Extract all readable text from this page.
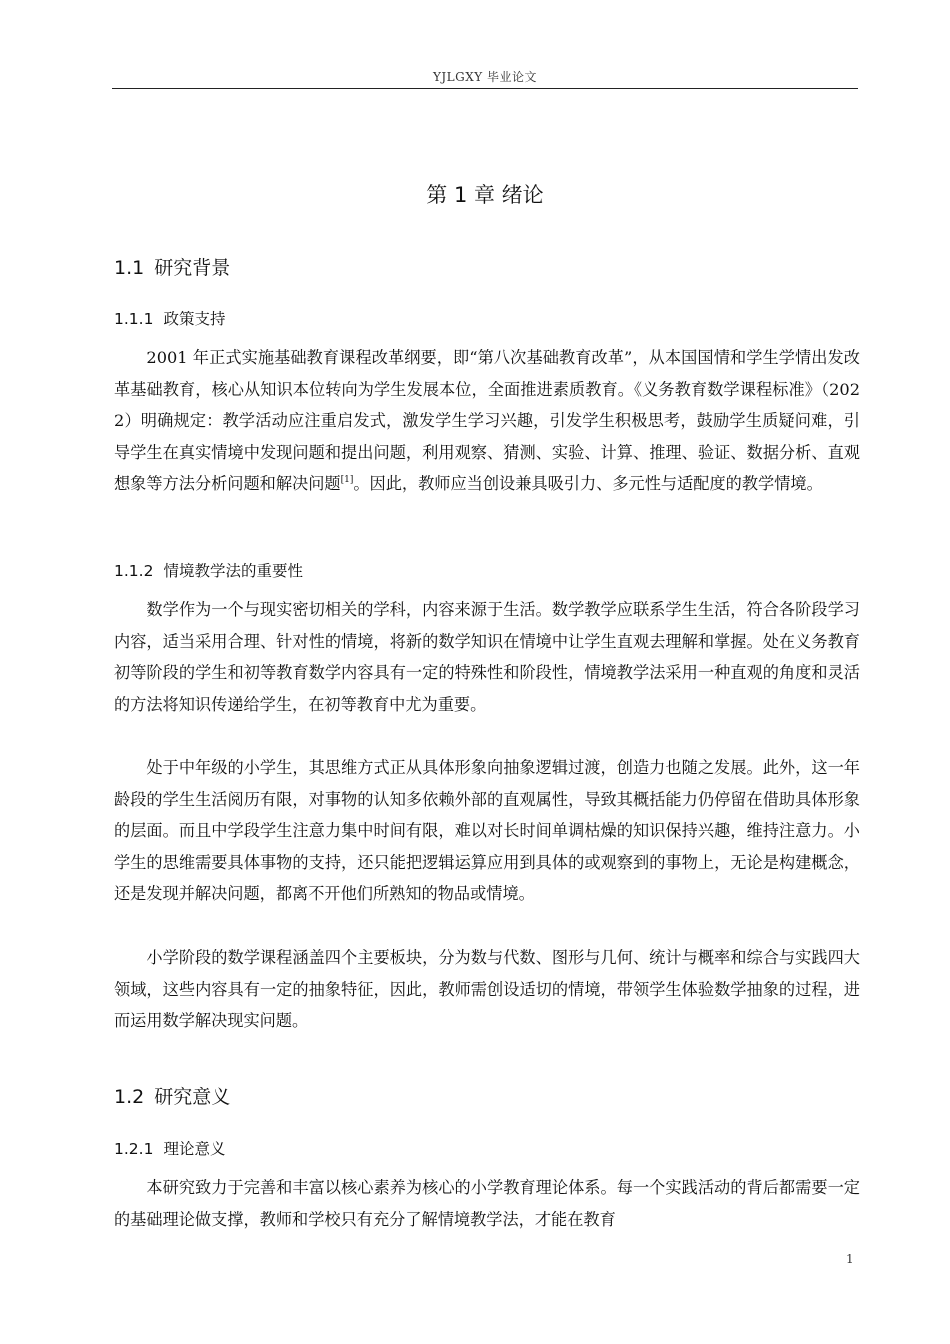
YJLGXY 毕业论文
第 1 章 绪论
1.1 研究背景
1.1.1 政策支持

2001 年正式实施基础教育课程改革纲要，即“第八次基础教育改革”，从本国国情和学生学情出发改革基础教育，核心从知识本位转向为学生发展本位，全面推进素质教育。《义务教育数学课程标准》（2022）明确规定：教学活动应注重启发式，激发学生学习兴趣，引发学生积极思考，鼓励学生质疑问难，引导学生在真实情境中发现问题和提出问题，利用观察、猜测、实验、计算、推理、验证、数据分析、直观想象等方法分析问题和解决问题[1]。因此，教师应当创设兼具吸引力、多元性与适配度的教学情境。

1.1.2 情境教学法的重要性

数学作为一个与现实密切相关的学科，内容来源于生活。数学教学应联系学生生活，符合各阶段学习内容，适当采用合理、针对性的情境，将新的数学知识在情境中让学生直观去理解和掌握。处在义务教育初等阶段的学生和初等教育数学内容具有一定的特殊性和阶段性，情境教学法采用一种直观的角度和灵活的方法将知识传递给学生，在初等教育中尤为重要。

处于中年级的小学生，其思维方式正从具体形象向抽象逻辑过渡，创造力也随之发展。此外，这一年龄段的学生生活阅历有限，对事物的认知多依赖外部的直观属性，导致其概括能力仍停留在借助具体形象的层面。而且中学段学生注意力集中时间有限，难以对长时间单调枯燥的知识保持兴趣，维持注意力。小学生的思维需要具体事物的支持，还只能把逻辑运算应用到具体的或观察到的事物上，无论是构建概念，还是发现并解决问题，都离不开他们所熟知的物品或情境。

小学阶段的数学课程涵盖四个主要板块，分为数与代数、图形与几何、统计与概率和综合与实践四大领域，这些内容具有一定的抽象特征，因此，教师需创设适切的情境，带领学生体验数学抽象的过程，进而运用数学解决现实问题。

1.2 研究意义
1.2.1 理论意义

本研究致力于完善和丰富以核心素养为核心的小学教育理论体系。每一个实践活动的背后都需要一定的基础理论做支撑，教师和学校只有充分了解情境教学法，才能在教育

1
